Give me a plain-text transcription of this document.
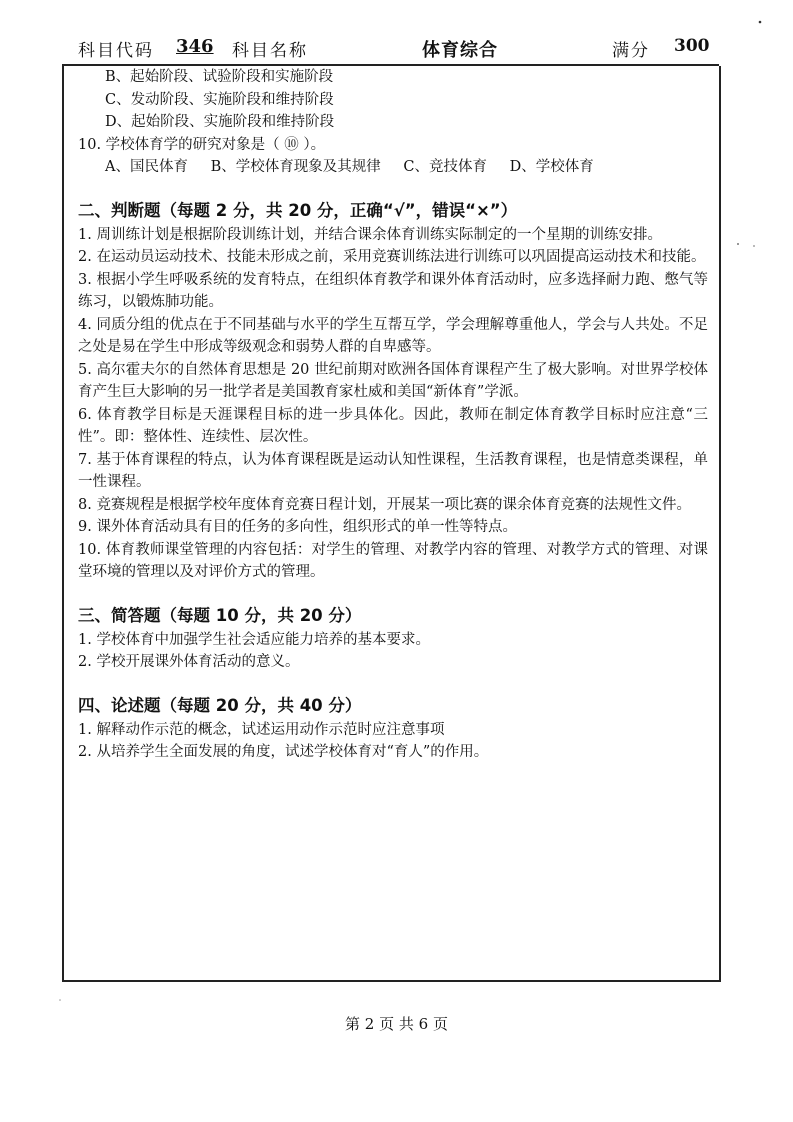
科目代码 346 科目名称	体育综合	满分 300
B、起始阶段、试验阶段和实施阶段
C、发动阶段、实施阶段和维持阶段
D、起始阶段、实施阶段和维持阶段
10. 学校体育学的研究对象是（ ⑩ ）。
A、国民体育 B、学校体育现象及其规律 C、竞技体育 D、学校体育
二、判断题（每题 2 分，共 20 分，正确“√”，错误“×”）
1. 周训练计划是根据阶段训练计划，并结合课余体育训练实际制定的一个星期的训练安排。
2. 在运动员运动技术、技能未形成之前，采用竞赛训练法进行训练可以巩固提高运动技术和技能。
3. 根据小学生呼吸系统的发育特点，在组织体育教学和课外体育活动时，应多选择耐力跑、憋气等练习，以锻炼肺功能。
4. 同质分组的优点在于不同基础与水平的学生互帮互学，学会理解尊重他人，学会与人共处。不足之处是易在学生中形成等级观念和弱势人群的自卑感等。
5. 高尔霍夫尔的自然体育思想是 20 世纪前期对欧洲各国体育课程产生了极大影响。对世界学校体育产生巨大影响的另一批学者是美国教育家杜威和美国“新体育”学派。
6. 体育教学目标是天涯课程目标的进一步具体化。因此，教师在制定体育教学目标时应注意“三性”。即：整体性、连续性、层次性。
7. 基于体育课程的特点，认为体育课程既是运动认知性课程，生活教育课程，也是情意类课程，单一性课程。
8. 竞赛规程是根据学校年度体育竞赛日程计划，开展某一项比赛的课余体育竞赛的法规性文件。
9. 课外体育活动具有目的任务的多向性，组织形式的单一性等特点。
10. 体育教师课堂管理的内容包括：对学生的管理、对教学内容的管理、对教学方式的管理、对课堂环境的管理以及对评价方式的管理。
三、简答题（每题 10 分，共 20 分）
1. 学校体育中加强学生社会适应能力培养的基本要求。
2. 学校开展课外体育活动的意义。
四、论述题（每题 20 分，共 40 分）
1. 解释动作示范的概念，试述运用动作示范时应注意事项
2. 从培养学生全面发展的角度，试述学校体育对“育人”的作用。
第 2 页 共 6 页
